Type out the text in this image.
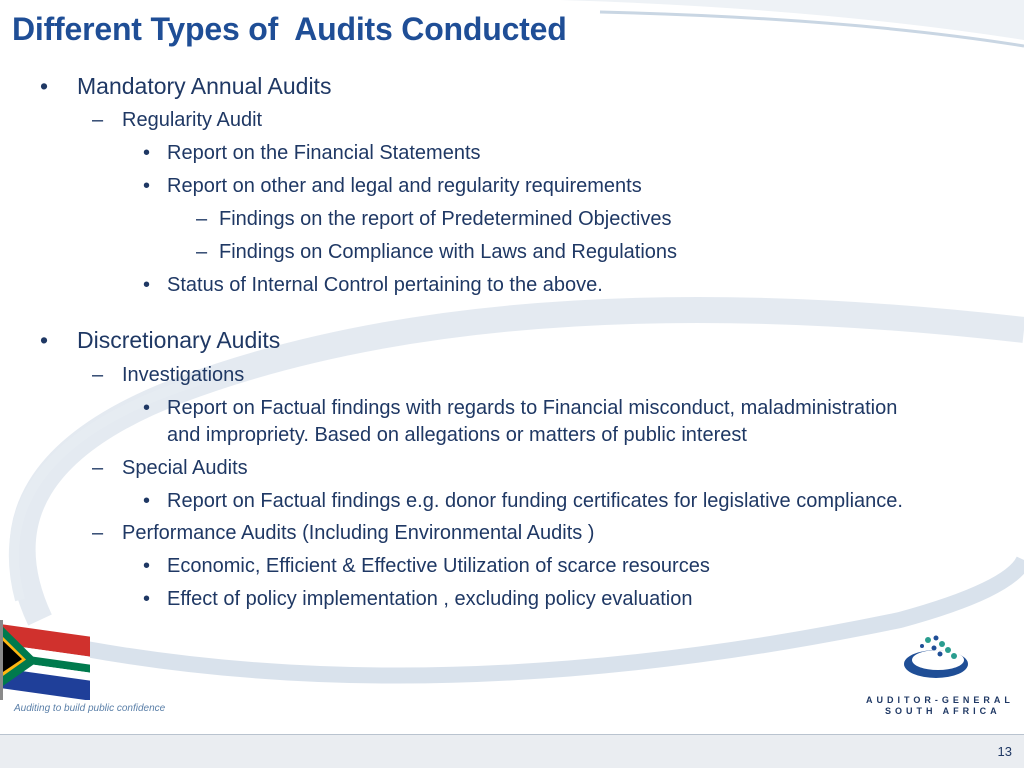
Different Types of  Audits Conducted
• Mandatory Annual Audits
– Regularity Audit
• Report on the Financial Statements
• Report on other and legal and regularity requirements
– Findings on the report of Predetermined Objectives
– Findings on Compliance with Laws and Regulations
• Status of Internal Control pertaining to the above.
• Discretionary Audits
– Investigations
• Report on Factual findings with regards to Financial misconduct, maladministration
and impropriety. Based on allegations or matters of public interest
– Special Audits
• Report on Factual findings e.g. donor funding certificates for legislative compliance.
– Performance Audits (Including Environmental Audits )
• Economic, Efficient & Effective Utilization of scarce resources
• Effect of policy implementation , excluding policy evaluation
Auditing to build public confidence
AUDITOR-GENERAL
SOUTH AFRICA
13
